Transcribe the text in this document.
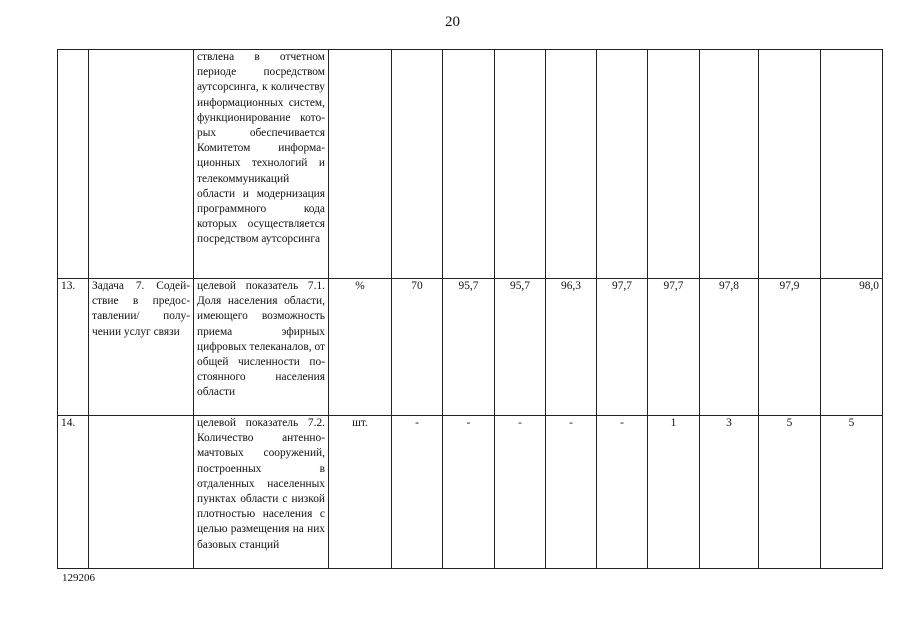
20
		ствлена в отчетном периоде посредством аутсорсинга, к количеству информационных систем, функционирование которых обеспечивается Комитетом информационных технологий и телекоммуникаций области и модернизация программного кода которых осуществляется посредством аутсорсинга										
13.	Задача 7. Содействие в предоставлении/ получении услуг связи	целевой показатель 7.1. Доля населения области, имеющего возможность приема эфирных цифровых телеканалов, от общей численности постоянного населения области	%	70	95,7	95,7	96,3	97,7	97,7	97,8	97,9	98,0
14.		целевой показатель 7.2. Количество антенно-мачтовых сооружений, построенных в отдаленных населенных пунктах области с низкой плотностью населения с целью размещения на них базовых станций	шт.	-	-	-	-	-	1	3	5	5
129206
